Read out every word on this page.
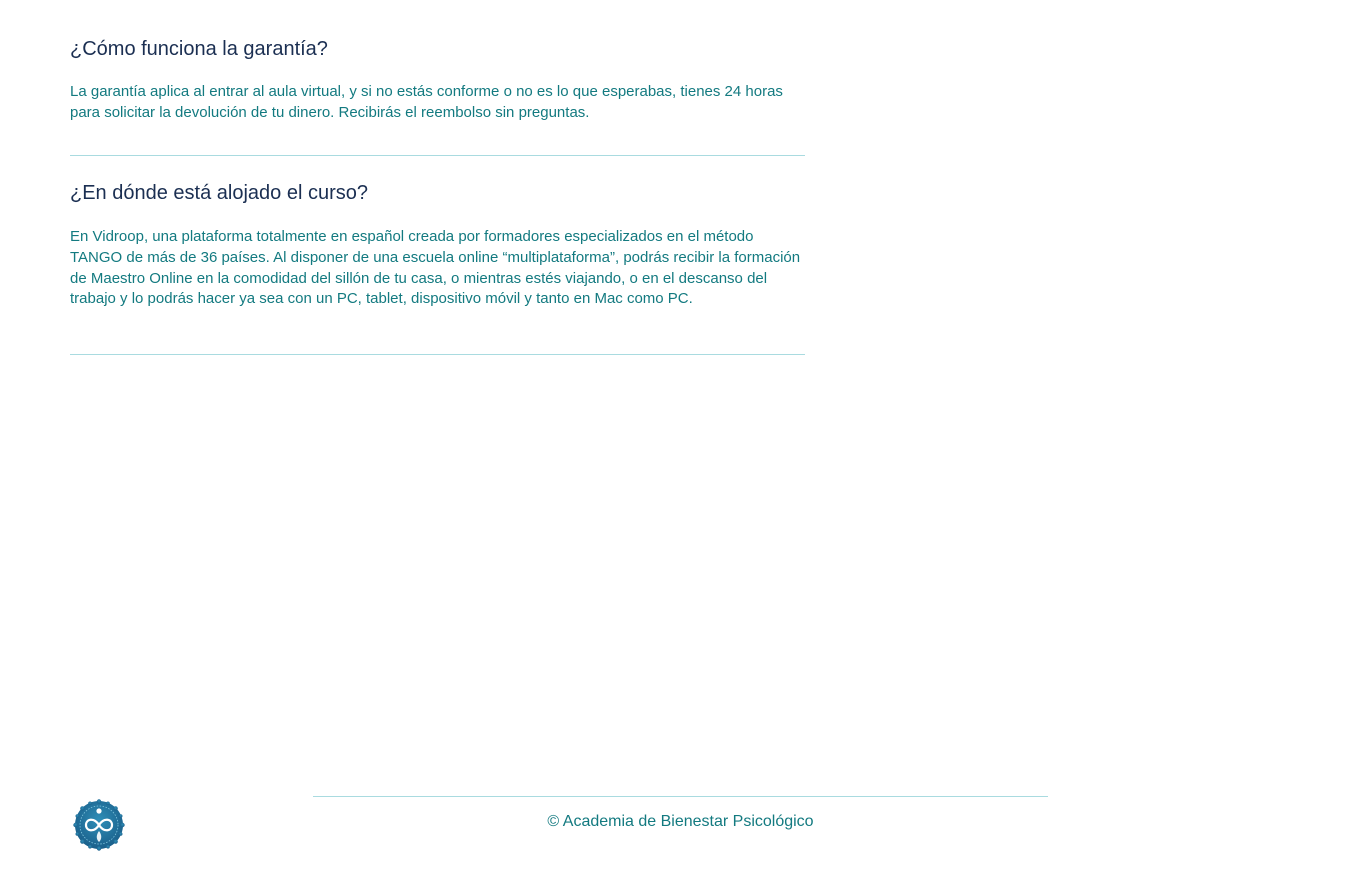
¿Cómo funciona la garantía?

La garantía aplica al entrar al aula virtual, y si no estás conforme o no es lo que esperabas, tienes 24 horas para solicitar la devolución de tu dinero. Recibirás el reembolso sin preguntas.

¿En dónde está alojado el curso?

En Vidroop, una plataforma totalmente en español creada por formadores especializados en el método TANGO de más de 36 países. Al disponer de una escuela online “multiplataforma”, podrás recibir la formación de Maestro Online en la comodidad del sillón de tu casa, o mientras estés viajando, o en el descanso del trabajo y lo podrás hacer ya sea con un PC, tablet, dispositivo móvil y tanto en Mac como PC.

© Academia de Bienestar Psicológico
